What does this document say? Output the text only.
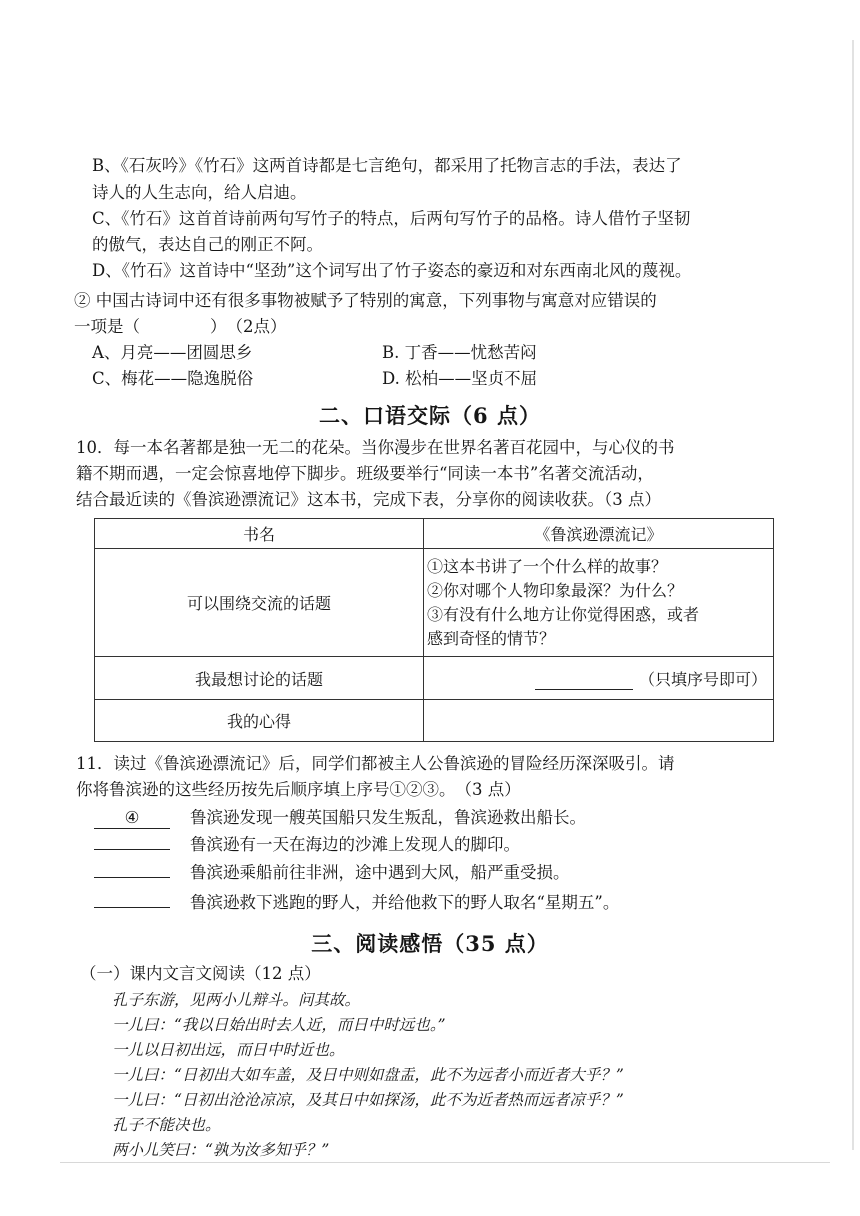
B、《石灰吟》《竹石》这两首诗都是七言绝句，都采用了托物言志的手法，表达了
诗人的人生志向，给人启迪。
C、《竹石》这首首诗前两句写竹子的特点，后两句写竹子的品格。诗人借竹子坚韧
的傲气，表达自己的刚正不阿。
D、《竹石》这首诗中“坚劲”这个词写出了竹子姿态的豪迈和对东西南北风的蔑视。
② 中国古诗词中还有很多事物被赋予了特别的寓意，下列事物与寓意对应错误的
一项是（	）　（2点）
A、月亮——团圆思乡	B. 丁香——忧愁苦闷
C、梅花——隐逸脱俗	D. 松柏——坚贞不屈
二、口语交际（6 点）
10．每一本名著都是独一无二的花朵。当你漫步在世界名著百花园中，与心仪的书
籍不期而遇，一定会惊喜地停下脚步。班级要举行“同读一本书”名著交流活动，
结合最近读的《鲁滨逊漂流记》这本书，完成下表，分享你的阅读收获。（3 点）
书名	《鲁滨逊漂流记》
可以围绕交流的话题	①这本书讲了一个什么样的故事？
②你对哪个人物印象最深？为什么？
③有没有什么地方让你觉得困惑，或者
感到奇怪的情节？

我最想讨论的话题	（只填序号即可）
我的心得	
11．读过《鲁滨逊漂流记》后，同学们都被主人公鲁滨逊的冒险经历深深吸引。请
你将鲁滨逊的这些经历按先后顺序填上序号①②③。　（3 点）
④	鲁滨逊发现一艘英国船只发生叛乱，鲁滨逊救出船长。
鲁滨逊有一天在海边的沙滩上发现人的脚印。
鲁滨逊乘船前往非洲，途中遇到大风，船严重受损。
鲁滨逊救下逃跑的野人，并给他救下的野人取名“星期五”。
三、阅读感悟（35 点）
（一）课内文言文阅读（12 点）
孔子东游，见两小儿辩斗。问其故。
一儿曰：“我以日始出时去人近，而日中时远也。”
一儿以日初出远，而日中时近也。
一儿曰：“日初出大如车盖，及日中则如盘盂，此不为远者小而近者大乎？”
一儿曰：“日初出沧沧凉凉，及其日中如探汤，此不为近者热而远者凉乎？”
孔子不能决也。
两小儿笑曰：“孰为汝多知乎？”
